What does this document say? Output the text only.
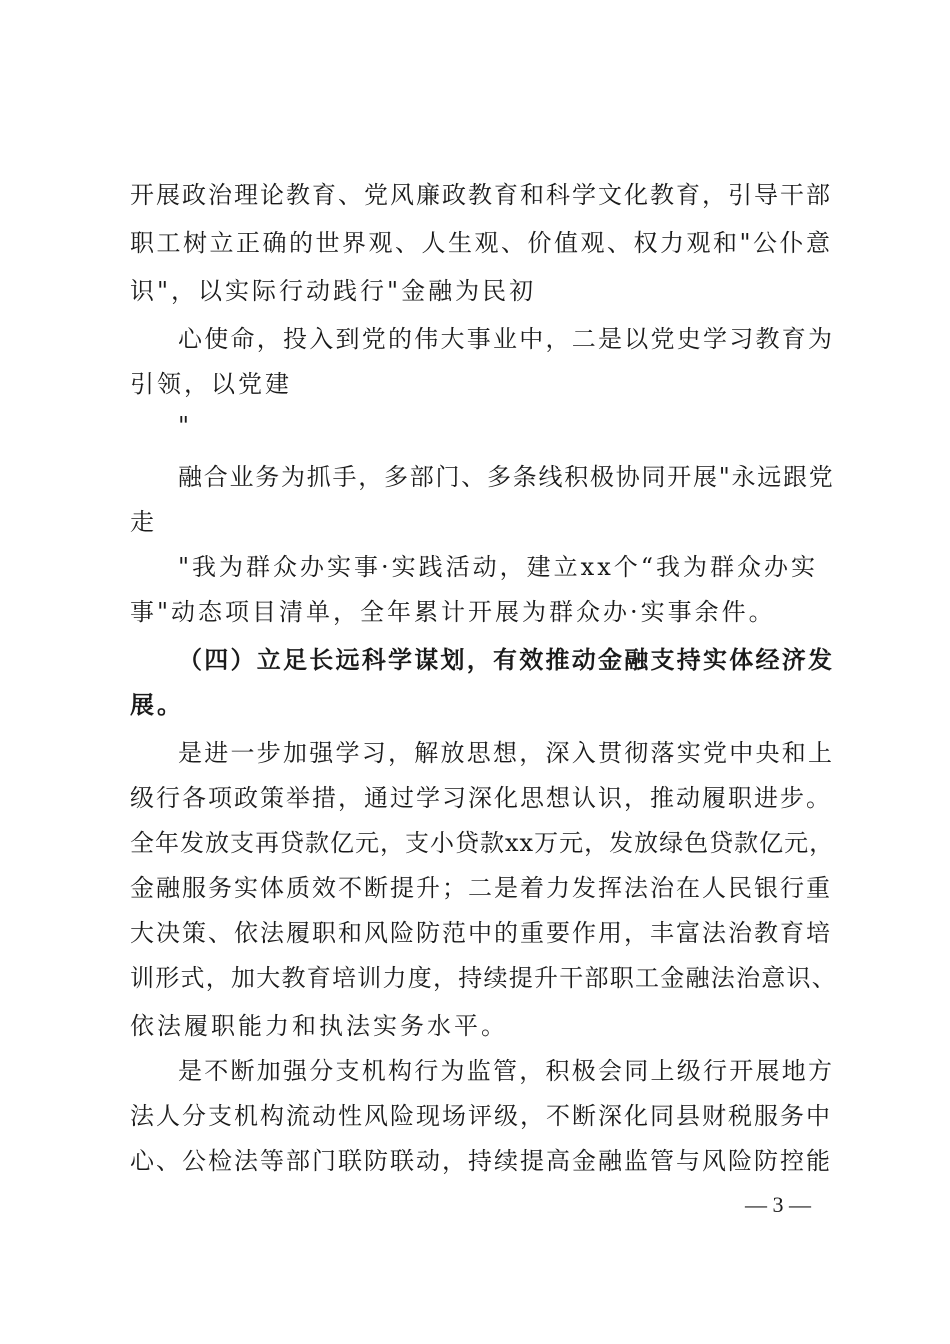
开展政治理论教育、党风廉政教育和科学文化教育，引导干部
职工树立正确的世界观、人生观、价值观、权力观和"公仆意
识"，以实际行动践行"金融为民初
心使命，投入到党的伟大事业中，二是以党史学习教育为
引领，以党建
"
融合业务为抓手，多部门、多条线积极协同开展"永远跟党
走
"我为群众办实事·实践活动，建立xx个“我为群众办实
事"动态项目清单，全年累计开展为群众办·实事余件。
（四）立足长远科学谋划，有效推动金融支持实体经济发
展。
是进一步加强学习，解放思想，深入贯彻落实党中央和上
级行各项政策举措，通过学习深化思想认识，推动履职进步。
全年发放支再贷款亿元，支小贷款xx万元，发放绿色贷款亿元，
金融服务实体质效不断提升；二是着力发挥法治在人民银行重
大决策、依法履职和风险防范中的重要作用，丰富法治教育培
训形式，加大教育培训力度，持续提升干部职工金融法治意识、
依法履职能力和执法实务水平。
是不断加强分支机构行为监管，积极会同上级行开展地方
法人分支机构流动性风险现场评级，不断深化同县财税服务中
心、公检法等部门联防联动，持续提高金融监管与风险防控能
— 3 —
